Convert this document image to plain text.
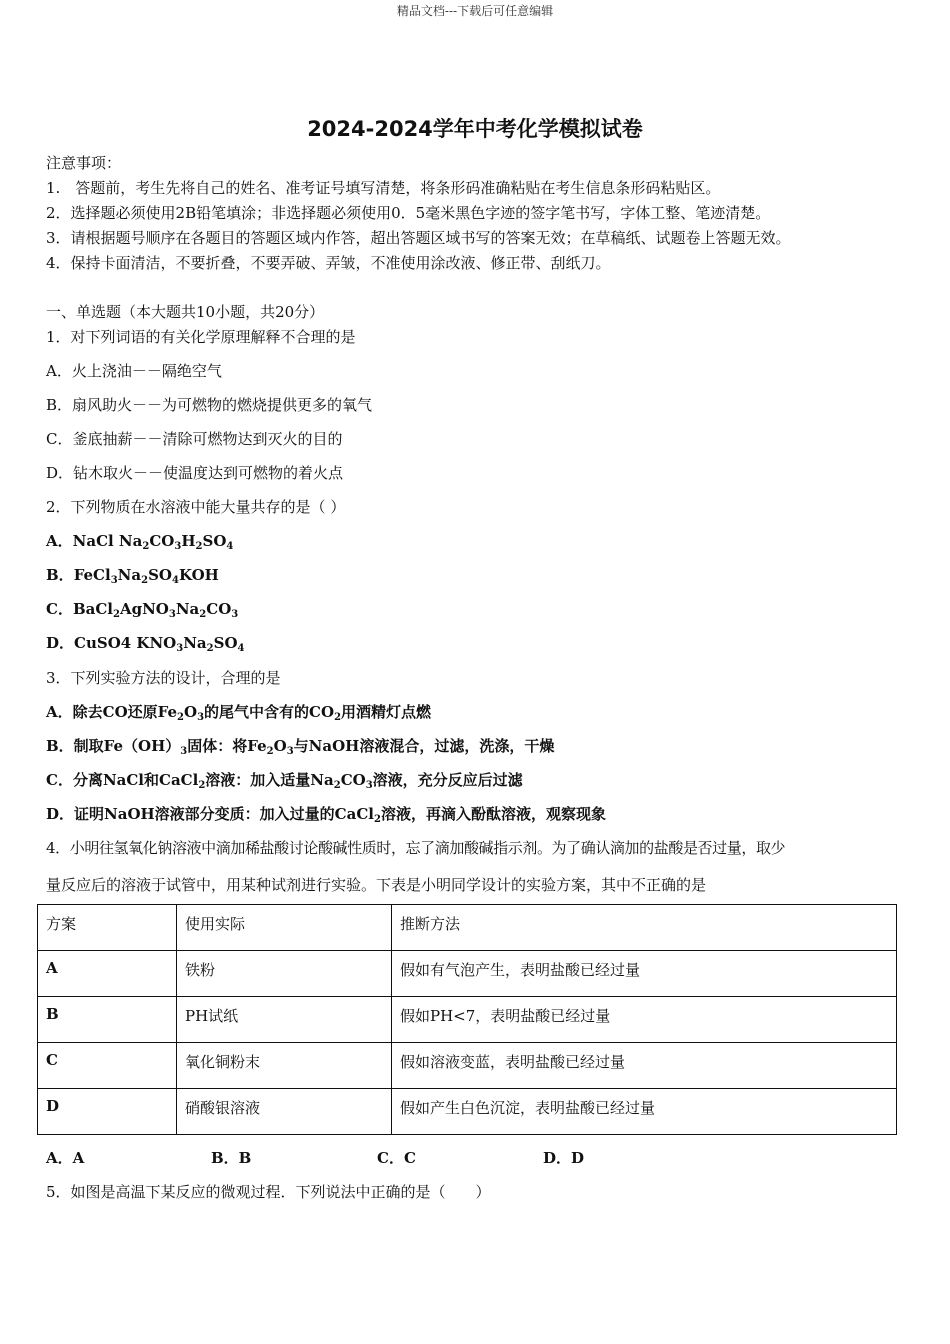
精品文档---下载后可任意编辑
2024-2024学年中考化学模拟试卷
注意事项：
1.　答题前，考生先将自己的姓名、准考证号填写清楚，将条形码准确粘贴在考生信息条形码粘贴区。
2．选择题必须使用2B铅笔填涂；非选择题必须使用0．5毫米黑色字迹的签字笔书写，字体工整、笔迹清楚。
3．请根据题号顺序在各题目的答题区域内作答，超出答题区域书写的答案无效；在草稿纸、试题卷上答题无效。
4．保持卡面清洁，不要折叠，不要弄破、弄皱，不准使用涂改液、修正带、刮纸刀。
一、单选题（本大题共10小题，共20分）
1．对下列词语的有关化学原理解释不合理的是
A．火上浇油－－隔绝空气
B．扇风助火－－为可燃物的燃烧提供更多的氧气
C．釜底抽薪－－清除可燃物达到灭火的目的
D．钻木取火－－使温度达到可燃物的着火点
2．下列物质在水溶液中能大量共存的是（ ）
A．NaCl $Na_2CO_3H_2SO_4$
B．$FeCl_3Na_2SO_4KOH$
C．$BaCl_2AgNO_3Na_2CO_3$
D．CuSO4 $KNO_3Na_2SO_4$
3．下列实验方法的设计，合理的是
A．除去CO还原$Fe_2O_3$的尾气中含有的$CO_2$用酒精灯点燃
B．制取$Fe(OH)_3$固体：将$Fe_2O_3$与NaOH溶液混合，过滤，洗涤，干燥
C．分离NaCl和CaCl$_2$溶液：加入适量$Na_2CO_3$溶液，充分反应后过滤
D．证明NaOH溶液部分变质：加入过量的CaCl$_2$溶液，再滴入酚酞溶液，观察现象
4．小明往氢氧化钠溶液中滴加稀盐酸讨论酸碱性质时，忘了滴加酸碱指示剂。为了确认滴加的盐酸是否过量，取少
量反应后的溶液于试管中，用某种试剂进行实验。下表是小明同学设计的实验方案，其中不正确的是
方案	使用实际	推断方法
A	铁粉	假如有气泡产生，表明盐酸已经过量
B	PH试纸	假如PH<7，表明盐酸已经过量
C	氧化铜粉末	假如溶液变蓝，表明盐酸已经过量
D	硝酸银溶液	假如产生白色沉淀，表明盐酸已经过量
A．A	B．B	C．C	D．D
5．如图是高温下某反应的微观过程．下列说法中正确的是（　　）
